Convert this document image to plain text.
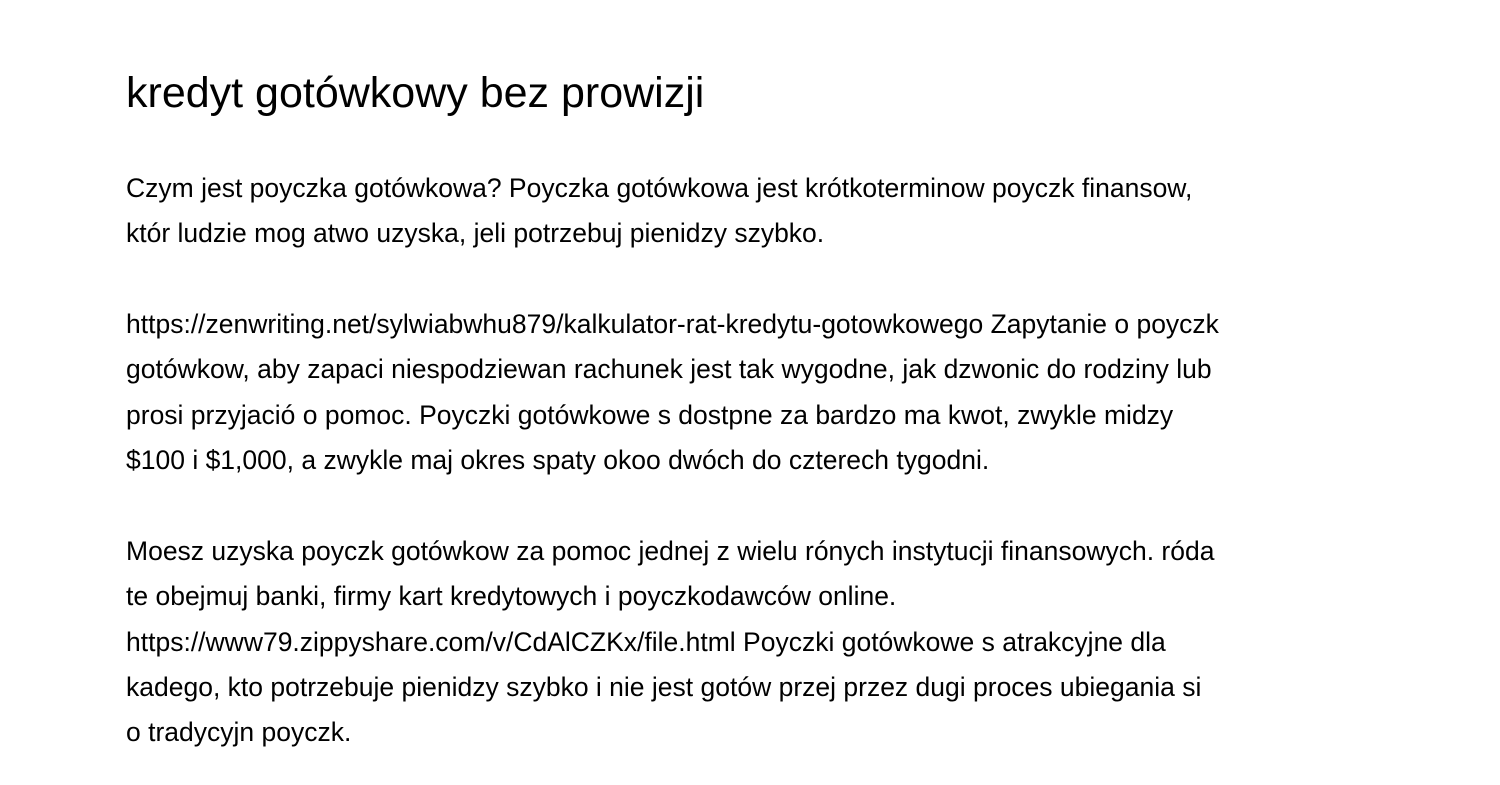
kredyt gotówkowy bez prowizji

Czym jest poyczka gotówkowa? Poyczka gotówkowa jest krótkoterminow poyczk finansow,
któr ludzie mog atwo uzyska, jeli potrzebuj pienidzy szybko.

https://zenwriting.net/sylwiabwhu879/kalkulator-rat-kredytu-gotowkowego Zapytanie o poyczk
gotówkow, aby zapaci niespodziewan rachunek jest tak wygodne, jak dzwonic do rodziny lub
prosi przyjació o pomoc. Poyczki gotówkowe s dostpne za bardzo ma kwot, zwykle midzy
$100 i $1,000, a zwykle maj okres spaty okoo dwóch do czterech tygodni.

Moesz uzyska poyczk gotówkow za pomoc jednej z wielu rónych instytucji finansowych. róda
te obejmuj banki, firmy kart kredytowych i poyczkodawców online.
https://www79.zippyshare.com/v/CdAlCZKx/file.html Poyczki gotówkowe s atrakcyjne dla
kadego, kto potrzebuje pienidzy szybko i nie jest gotów przej przez dugi proces ubiegania si
o tradycyjn poyczk.
